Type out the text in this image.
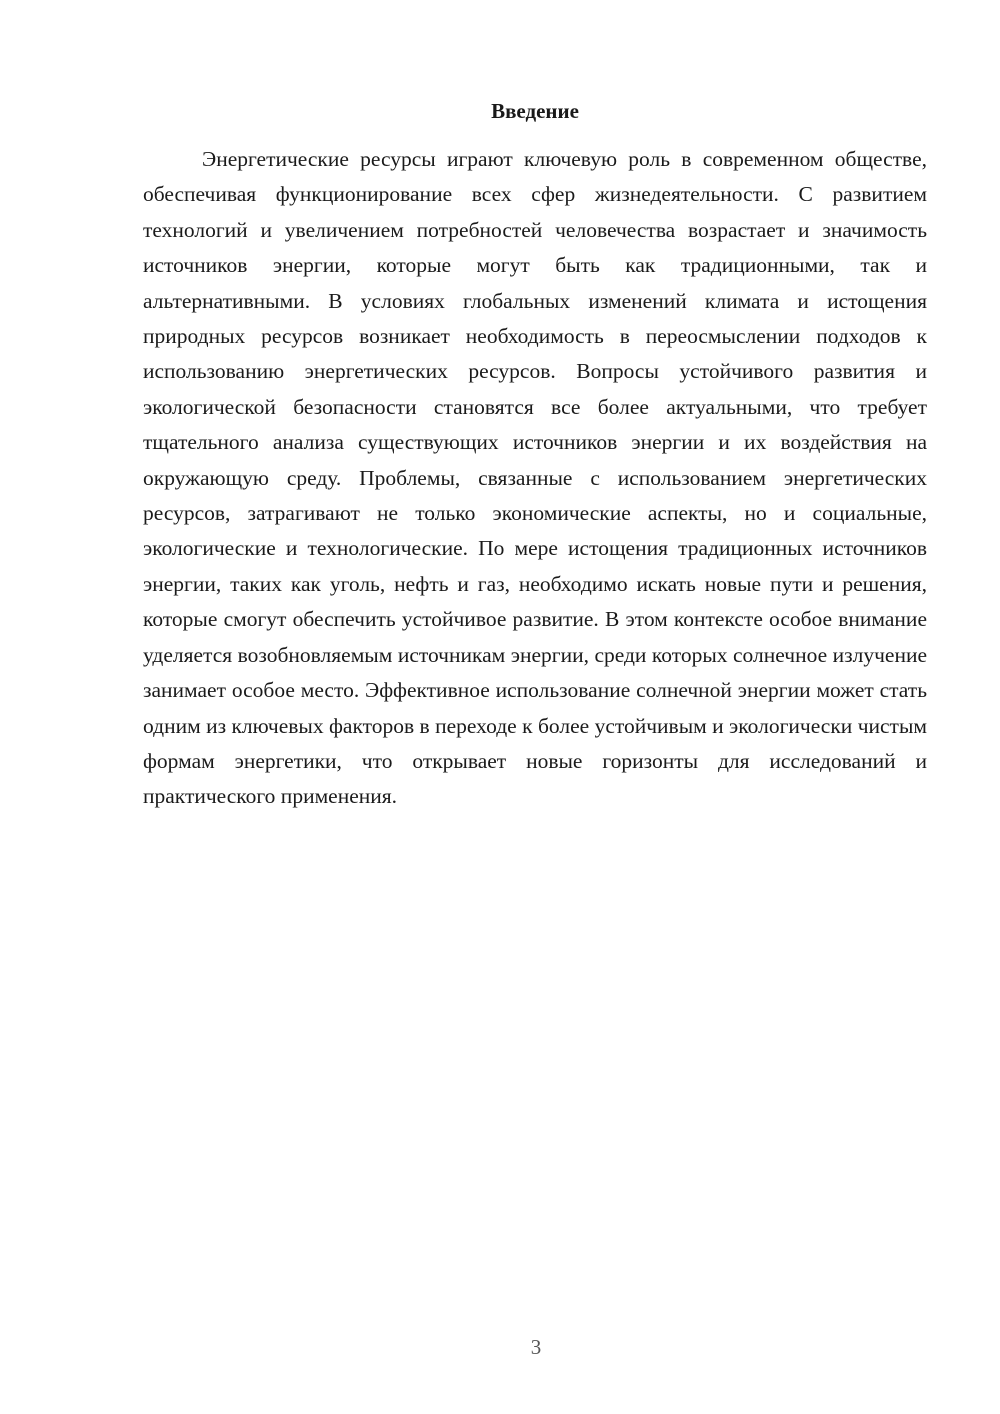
Введение

Энергетические ресурсы играют ключевую роль в современном обществе, обеспечивая функционирование всех сфер жизнедеятельности. С развитием технологий и увеличением потребностей человечества возрастает и значимость источников энергии, которые могут быть как традиционными, так и альтернативными. В условиях глобальных изменений климата и истощения природных ресурсов возникает необходимость в переосмыслении подходов к использованию энергетических ресурсов. Вопросы устойчивого развития и экологической безопасности становятся все более актуальными, что требует тщательного анализа существующих источников энергии и их воздействия на окружающую среду. Проблемы, связанные с использованием энергетических ресурсов, затрагивают не только экономические аспекты, но и социальные, экологические и технологические. По мере истощения традиционных источников энергии, таких как уголь, нефть и газ, необходимо искать новые пути и решения, которые смогут обеспечить устойчивое развитие. В этом контексте особое внимание уделяется возобновляемым источникам энергии, среди которых солнечное излучение занимает особое место. Эффективное использование солнечной энергии может стать одним из ключевых факторов в переходе к более устойчивым и экологически чистым формам энергетики, что открывает новые горизонты для исследований и практического применения.

3
